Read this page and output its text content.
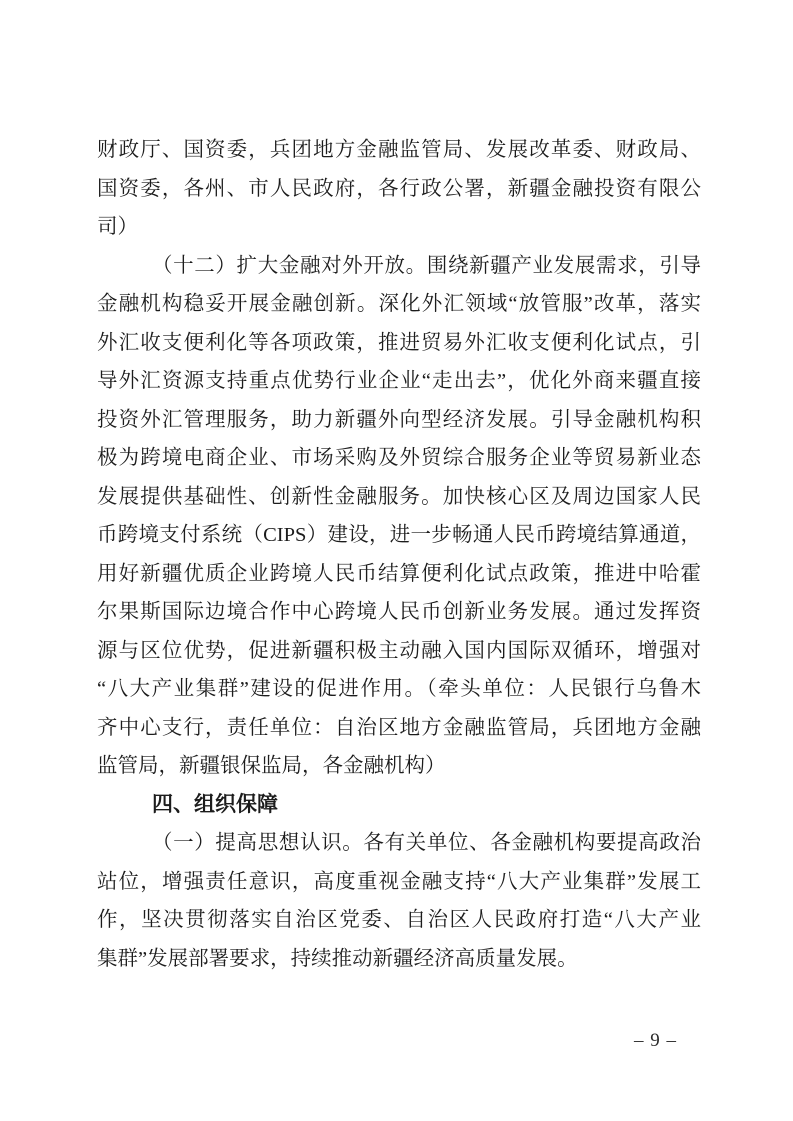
财政厅、国资委，兵团地方金融监管局、发展改革委、财政局、
国资委，各州、市人民政府，各行政公署，新疆金融投资有限公
司）
（十二）扩大金融对外开放。围绕新疆产业发展需求，引导
金融机构稳妥开展金融创新。深化外汇领域“放管服”改革，落实
外汇收支便利化等各项政策，推进贸易外汇收支便利化试点，引
导外汇资源支持重点优势行业企业“走出去”，优化外商来疆直接
投资外汇管理服务，助力新疆外向型经济发展。引导金融机构积
极为跨境电商企业、市场采购及外贸综合服务企业等贸易新业态
发展提供基础性、创新性金融服务。加快核心区及周边国家人民
币跨境支付系统（CIPS）建设，进一步畅通人民币跨境结算通道，
用好新疆优质企业跨境人民币结算便利化试点政策，推进中哈霍
尔果斯国际边境合作中心跨境人民币创新业务发展。通过发挥资
源与区位优势，促进新疆积极主动融入国内国际双循环，增强对
“八大产业集群”建设的促进作用。（牵头单位：人民银行乌鲁木
齐中心支行，责任单位：自治区地方金融监管局，兵团地方金融
监管局，新疆银保监局，各金融机构）
四、组织保障
（一）提高思想认识。各有关单位、各金融机构要提高政治
站位，增强责任意识，高度重视金融支持“八大产业集群”发展工
作，坚决贯彻落实自治区党委、自治区人民政府打造“八大产业
集群”发展部署要求，持续推动新疆经济高质量发展。
– 9 –
